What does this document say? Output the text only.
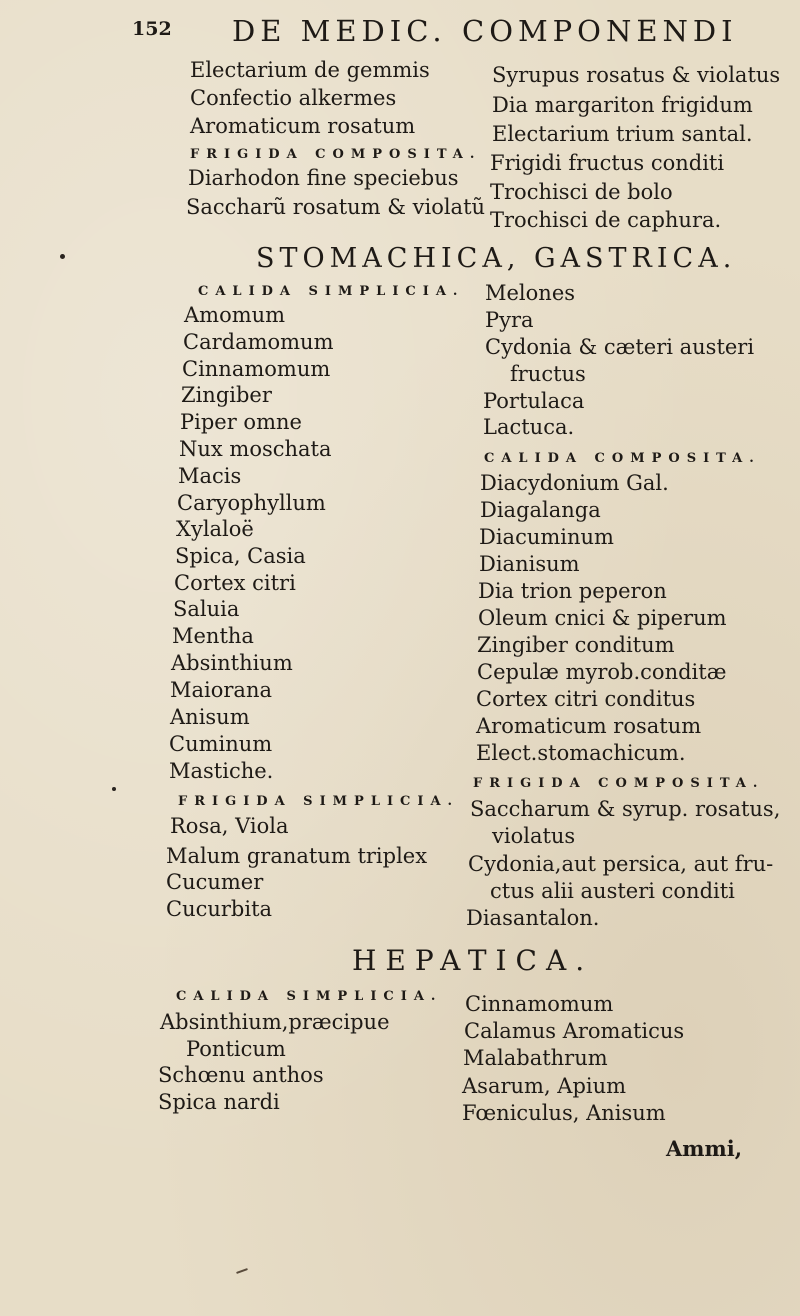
152 DE MEDIC. COMPONENDI
Electarium de gemmis
Confectio alkermes
Aromaticum rosatum
FRIGIDA COMPOSITA.
Diarhodon fine speciebus
Saccharũ rosatum & violatũ
Syrupus rosatus & violatus
Dia margariton frigidum
Electarium trium santal.
Frigidi fructus conditi
Trochisci de bolo
Trochisci de caphura.
STOMACHICA, GASTRICA.
CALIDA SIMPLICIA.
Amomum
Cardamomum
Cinnamomum
Zingiber
Piper omne
Nux moschata
Macis
Caryophyllum
Xylaloë
Spica, Casia
Cortex citri
Saluia
Mentha
Absinthium
Maiorana
Anisum
Cuminum
Mastiche.
FRIGIDA SIMPLICIA.
Rosa, Viola
Malum granatum triplex
Cucumer
Cucurbita
Melones
Pyra
Cydonia & cæteri austeri
fructus
Portulaca
Lactuca.
CALIDA COMPOSITA.
Diacydonium Gal.
Diagalanga
Diacuminum
Dianisum
Dia trion peperon
Oleum cnici & piperum
Zingiber conditum
Cepulæ myrob.conditæ
Cortex citri conditus
Aromaticum rosatum
Elect.stomachicum.
FRIGIDA COMPOSITA.
Saccharum & syrup. rosatus,
violatus
Cydonia,aut persica, aut fru-
ctus alii austeri conditi
Diasantalon.
HEPATICA.
CALIDA SIMPLICIA.
Absinthium,præcipue
Ponticum
Schœnu anthos
Spica nardi
Cinnamomum
Calamus Aromaticus
Malabathrum
Asarum, Apium
Fœniculus, Anisum
Ammi,
